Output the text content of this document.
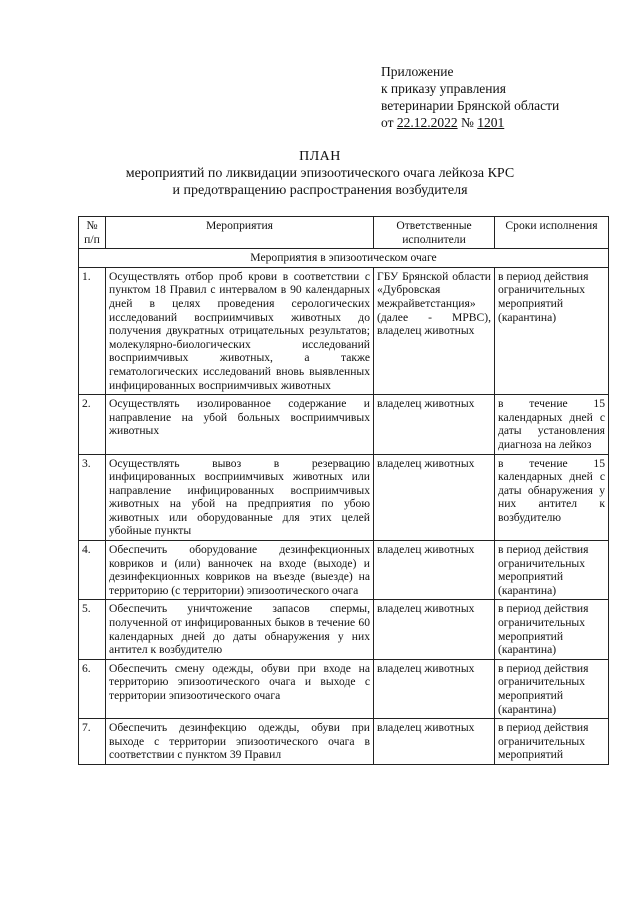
Приложение
к приказу управления
ветеринарии Брянской области
от 22.12.2022 № 1201
ПЛАН
мероприятий по ликвидации эпизоотического очага лейкоза КРС
и предотвращению распространения возбудителя
№ п/п	Мероприятия	Ответственные исполнители	Сроки исполнения
Мероприятия в эпизоотическом очаге			
1.	Осуществлять отбор проб крови в соответствии с пунктом 18 Правил с интервалом в 90 календарных дней в целях проведения серологических исследований восприимчивых животных до получения двукратных отрицательных результатов; молекулярно-биологических исследований восприимчивых животных, а также гематологических исследований вновь выявленных инфицированных восприимчивых животных	ГБУ Брянской области «Дубровская межрайветстанция» (далее - МРВС), владелец животных	в период действия ограничительных мероприятий (карантина)
2.	Осуществлять изолированное содержание и направление на убой больных восприимчивых животных	владелец животных	в течение 15 календарных дней с даты установления диагноза на лейкоз
3.	Осуществлять вывоз в резервацию инфицированных восприимчивых животных или направление инфицированных восприимчивых животных на убой на предприятия по убою животных или оборудованные для этих целей убойные пункты	владелец животных	в течение 15 календарных дней с даты обнаружения у них антител к возбудителю
4.	Обеспечить оборудование дезинфекционных ковриков и (или) ванночек на входе (выходе) и дезинфекционных ковриков на въезде (выезде) на территорию (с территории) эпизоотического очага	владелец животных	в период действия ограничительных мероприятий (карантина)
5.	Обеспечить уничтожение запасов спермы, полученной от инфицированных быков в течение 60 календарных дней до даты обнаружения у них антител к возбудителю	владелец животных	в период действия ограничительных мероприятий (карантина)
6.	Обеспечить смену одежды, обуви при входе на территорию эпизоотического очага и выходе с территории эпизоотического очага	владелец животных	в период действия ограничительных мероприятий (карантина)
7.	Обеспечить дезинфекцию одежды, обуви при выходе с территории эпизоотического очага в соответствии с пунктом 39 Правил	владелец животных	в период действия ограничительных мероприятий
